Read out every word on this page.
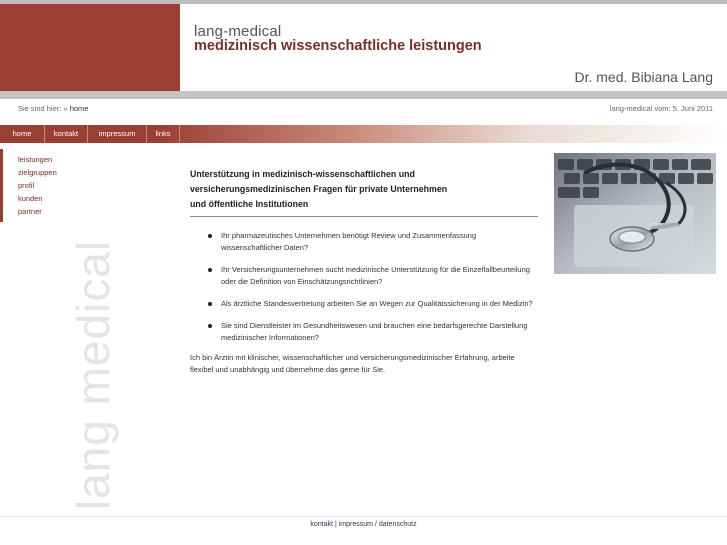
lang-medical
medizinisch wissenschaftliche leistungen
Dr. med. Bibiana Lang
Sie sind hier: » home	lang-medical vom: 5. Juni 2011
home	kontakt	impressum	links
leistungen
zielgruppen
profil
kunden
partner
lang medical
Unterstützung in medizinisch-wissenschaftlichen und
versicherungsmedizinischen Fragen für private Unternehmen
und öffentliche Institutionen
Ihr pharmazeutisches Unternehmen benötigt Review und Zusammenfassung wissenschaftlicher Daten?
Ihr Versicherungsunternehmen sucht medizinische Unterstützung für die Einzelfallbeurteilung oder die Definition von Einschätzungsrichtlinien?
Als ärztliche Standesvertretung arbeiten Sie an Wegen zur Qualitätssicherung in der Medizin?
Sie sind Dienstleister im Gesundheitswesen und brauchen eine bedarfsgerechte Darstellung medizinischer Informationen?

Ich bin Ärztin mit klinischer, wissenschaftlicher und versicherungsmedizinischer Erfahrung, arbeite flexibel und unabhängig und übernehme das gerne für Sie.

kontakt | impressum / datenschutz
